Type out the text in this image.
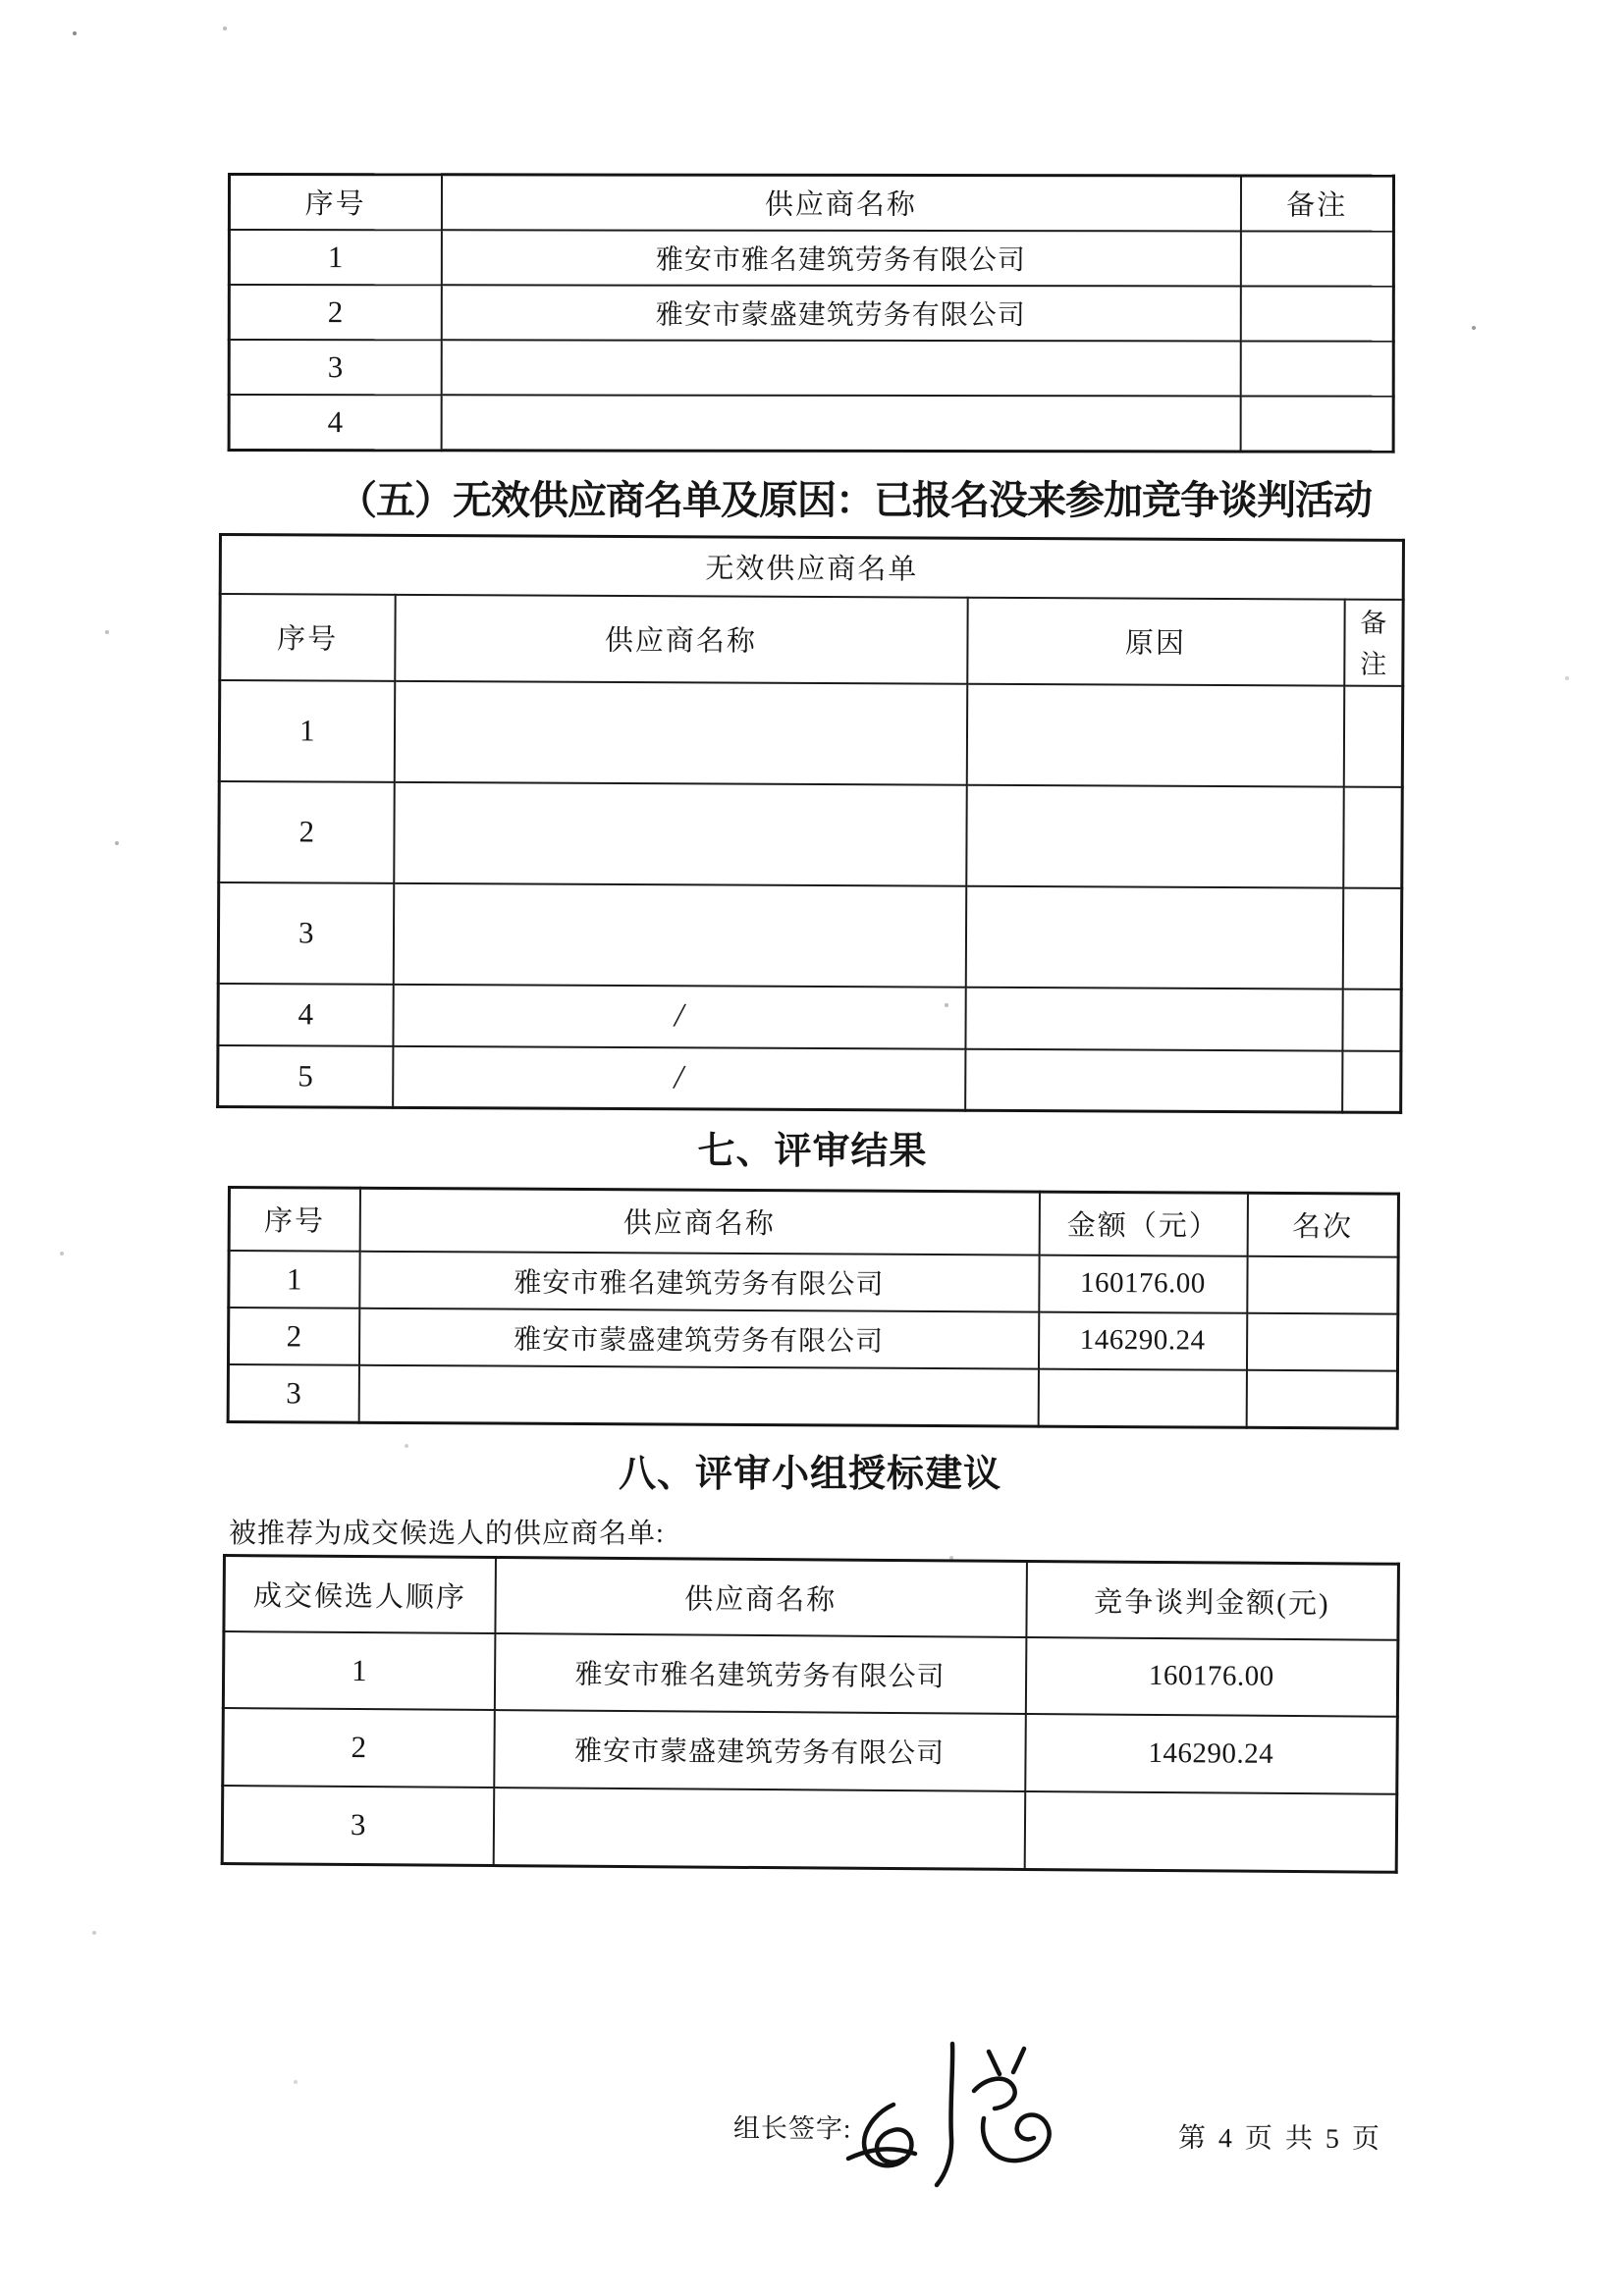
序号	供应商名称	备注
1	雅安市雅名建筑劳务有限公司	
2	雅安市蒙盛建筑劳务有限公司	
3		
4		
（五）无效供应商名单及原因：已报名没来参加竞争谈判活动
无效供应商名单			
序号	供应商名称	原因	备注

1			
2			
3			
4	/		
5	/		
七、评审结果
序号	供应商名称	金额（元）	名次
1	雅安市雅名建筑劳务有限公司	160176.00	
2	雅安市蒙盛建筑劳务有限公司	146290.24	
3			
八、评审小组授标建议
被推荐为成交候选人的供应商名单:
成交候选人顺序	供应商名称	竞争谈判金额(元)
1	雅安市雅名建筑劳务有限公司	160176.00
2	雅安市蒙盛建筑劳务有限公司	146290.24
3		
组长签字:	第 4 页 共 5 页
